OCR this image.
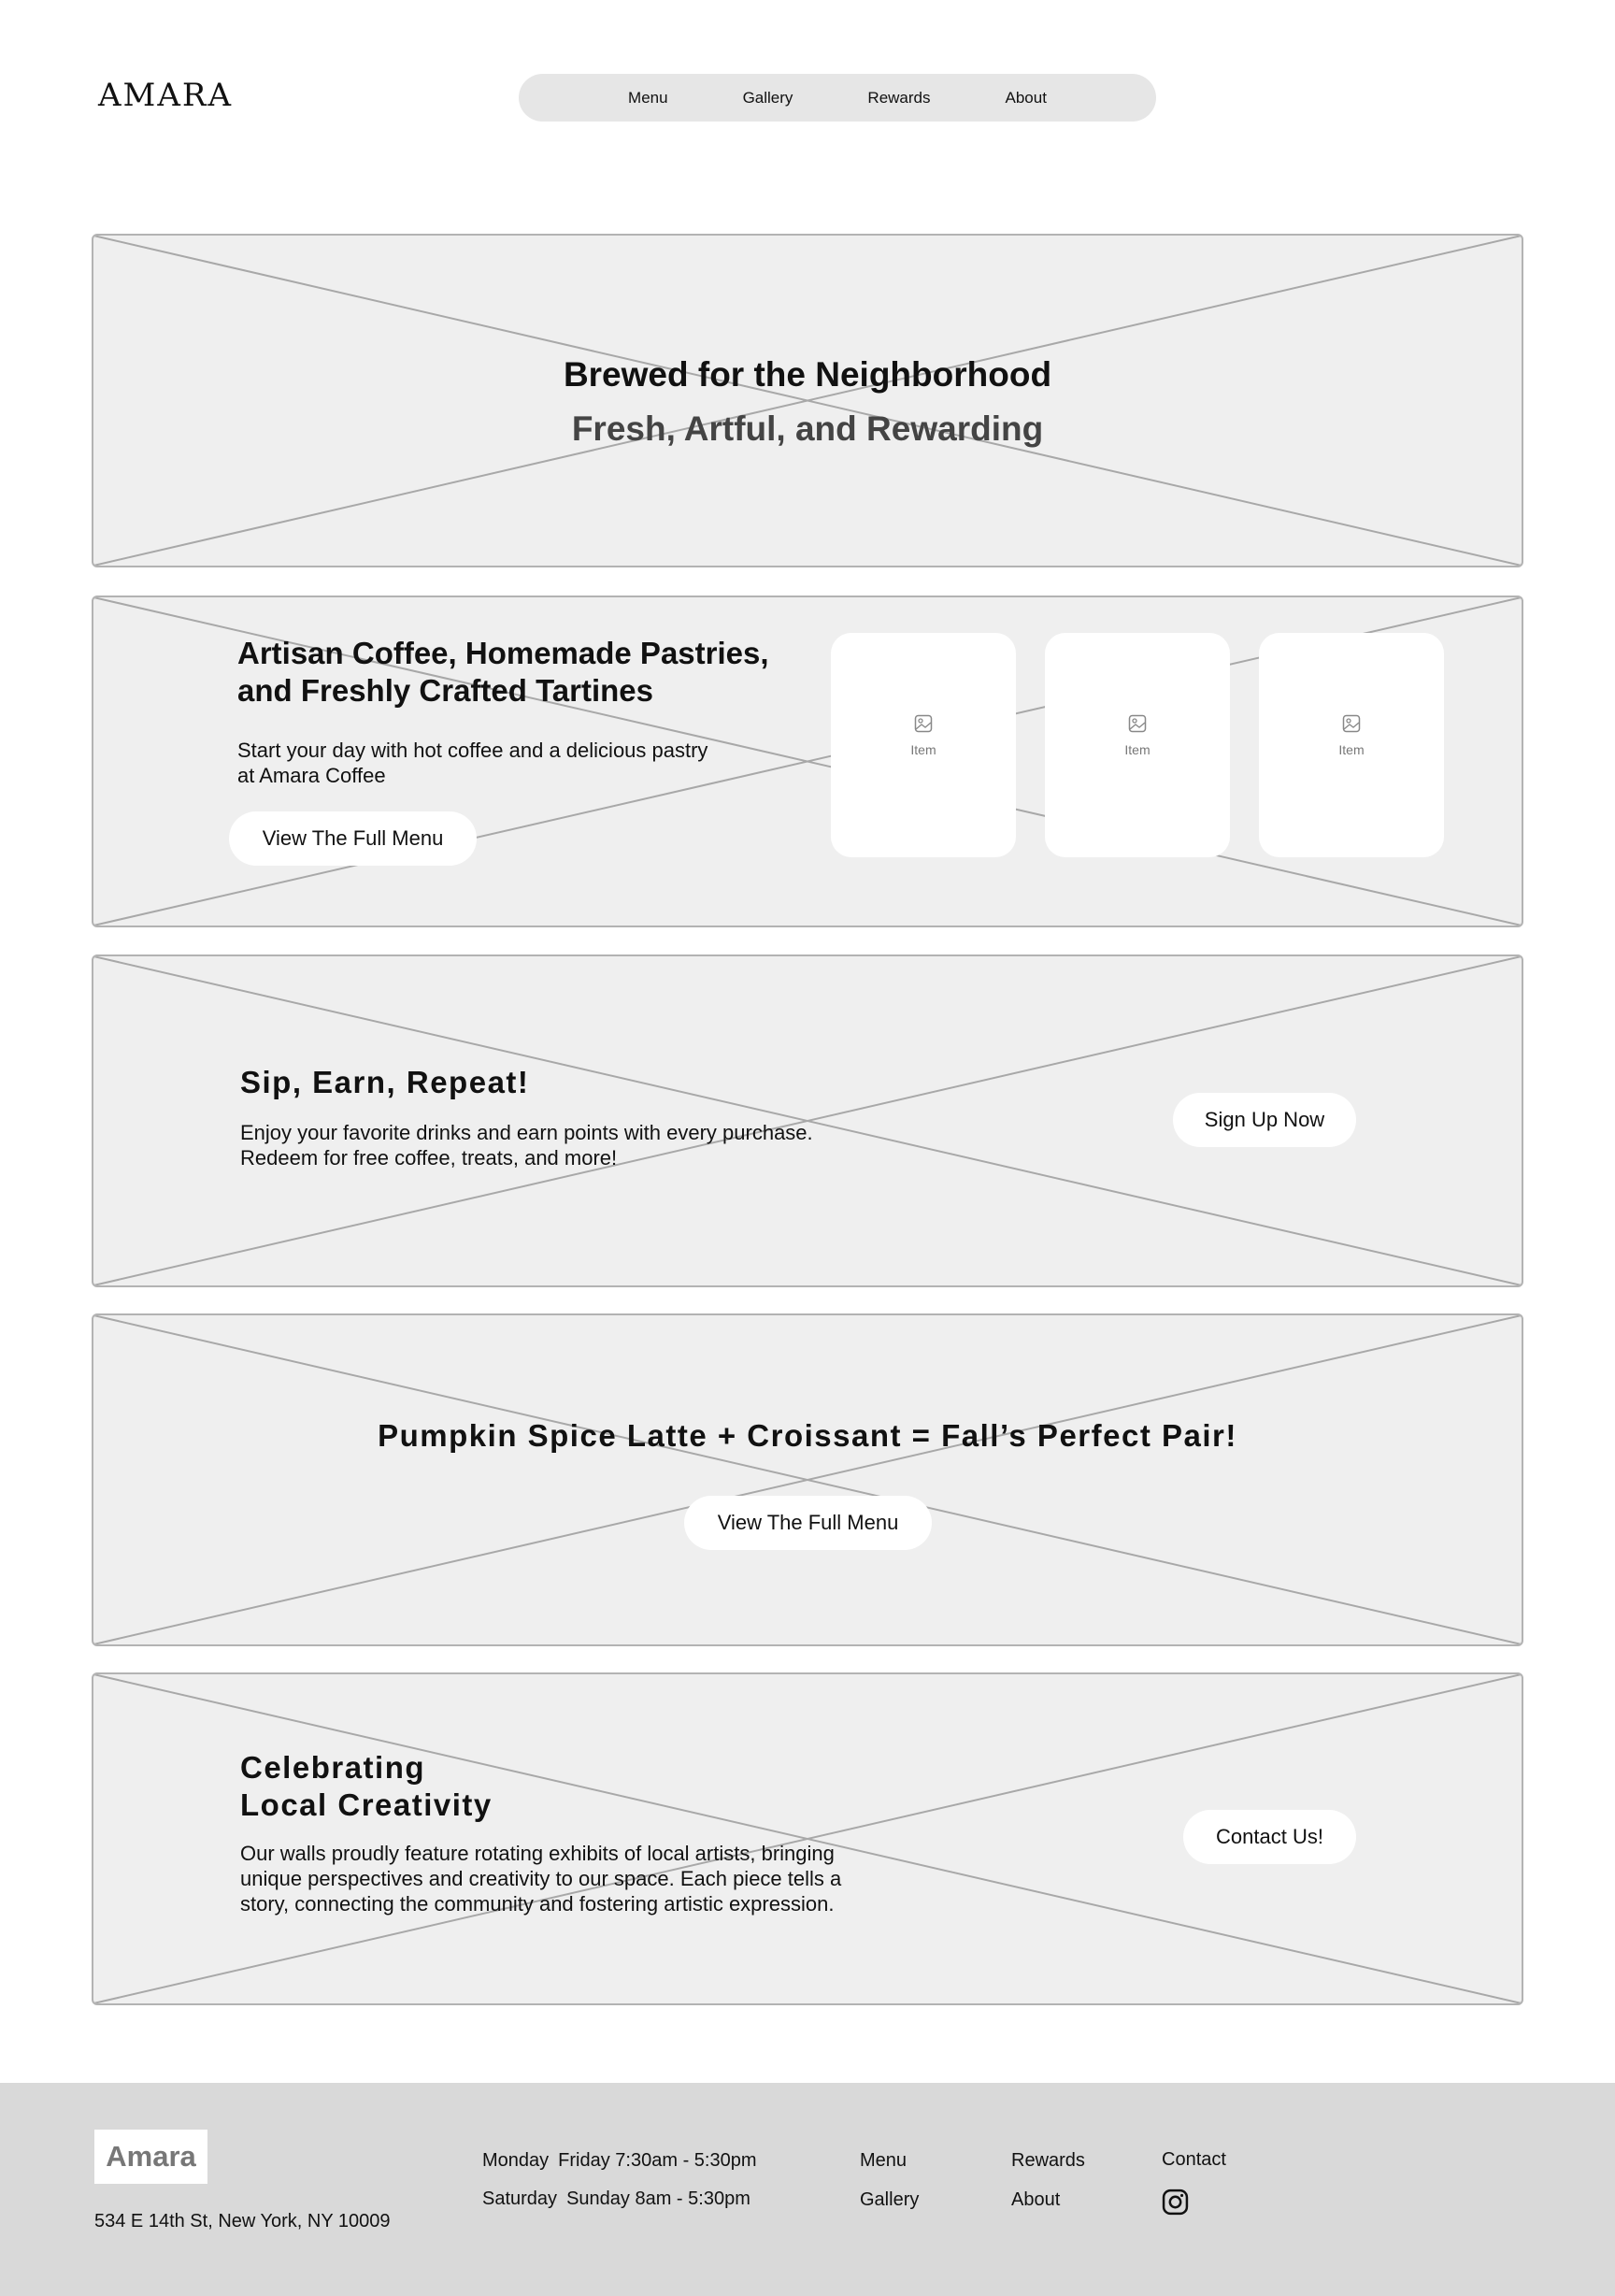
AMARA	Menu	Gallery	Rewards	About
Brewed for the Neighborhood
Fresh, Artful, and Rewarding
Artisan Coffee, Homemade Pastries,
and Freshly Crafted Tartines
Start your day with hot coffee and a delicious pastry
at Amara Coffee
View The Full Menu
Item	Item	Item
Sip, Earn, Repeat!
Enjoy your favorite drinks and earn points with every purchase.
Redeem for free coffee, treats, and more!
Sign Up Now
Pumpkin Spice Latte + Croissant = Fall’s Perfect Pair!
View The Full Menu
Celebrating
Local Creativity
Our walls proudly feature rotating exhibits of local artists, bringing
unique perspectives and creativity to our space. Each piece tells a
story, connecting the community and fostering artistic expression.
Contact Us!
Amara
534 E 14th St, New York, NY 10009
Monday Friday 7:30am - 5:30pm
Saturday Sunday 8am - 5:30pm
Menu
Gallery
Rewards
About
Contact
